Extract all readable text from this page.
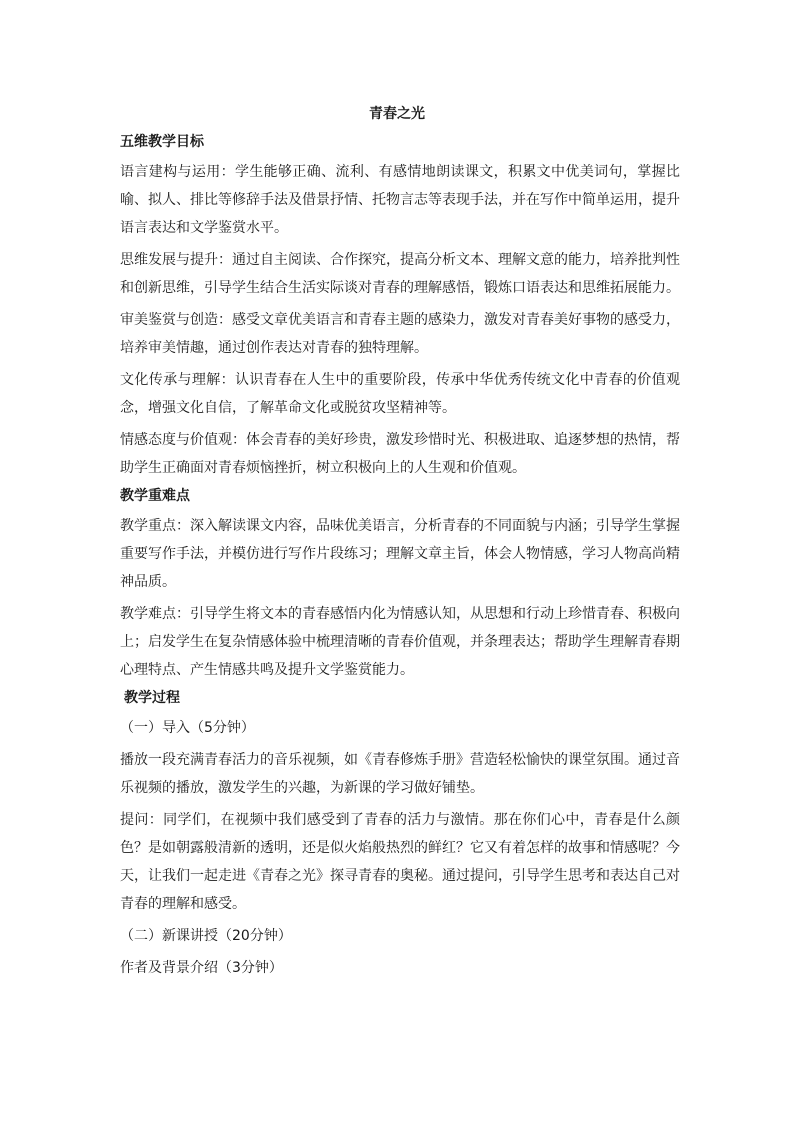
青春之光
五维教学目标

语言建构与运用：学生能够正确、流利、有感情地朗读课文，积累文中优美词句，掌握比喻、拟人、排比等修辞手法及借景抒情、托物言志等表现手法，并在写作中简单运用，提升语言表达和文学鉴赏水平。

思维发展与提升：通过自主阅读、合作探究，提高分析文本、理解文意的能力，培养批判性和创新思维，引导学生结合生活实际谈对青春的理解感悟，锻炼口语表达和思维拓展能力。

审美鉴赏与创造：感受文章优美语言和青春主题的感染力，激发对青春美好事物的感受力，培养审美情趣，通过创作表达对青春的独特理解。

文化传承与理解：认识青春在人生中的重要阶段，传承中华优秀传统文化中青春的价值观念，增强文化自信，了解革命文化或脱贫攻坚精神等。

情感态度与价值观：体会青春的美好珍贵，激发珍惜时光、积极进取、追逐梦想的热情，帮助学生正确面对青春烦恼挫折，树立积极向上的人生观和价值观。

教学重难点

教学重点：深入解读课文内容，品味优美语言，分析青春的不同面貌与内涵；引导学生掌握重要写作手法，并模仿进行写作片段练习；理解文章主旨，体会人物情感，学习人物高尚精神品质。

教学难点：引导学生将文本的青春感悟内化为情感认知，从思想和行动上珍惜青春、积极向上；启发学生在复杂情感体验中梳理清晰的青春价值观，并条理表达；帮助学生理解青春期心理特点、产生情感共鸣及提升文学鉴赏能力。

教学过程

（一）导入（5分钟）

播放一段充满青春活力的音乐视频，如《青春修炼手册》营造轻松愉快的课堂氛围。通过音乐视频的播放，激发学生的兴趣，为新课的学习做好铺垫。

提问：同学们，在视频中我们感受到了青春的活力与激情。那在你们心中，青春是什么颜色？是如朝露般清新的透明，还是似火焰般热烈的鲜红？它又有着怎样的故事和情感呢？今天，让我们一起走进《青春之光》探寻青春的奥秘。通过提问，引导学生思考和表达自己对青春的理解和感受。

（二）新课讲授（20分钟）

作者及背景介绍（3分钟）
